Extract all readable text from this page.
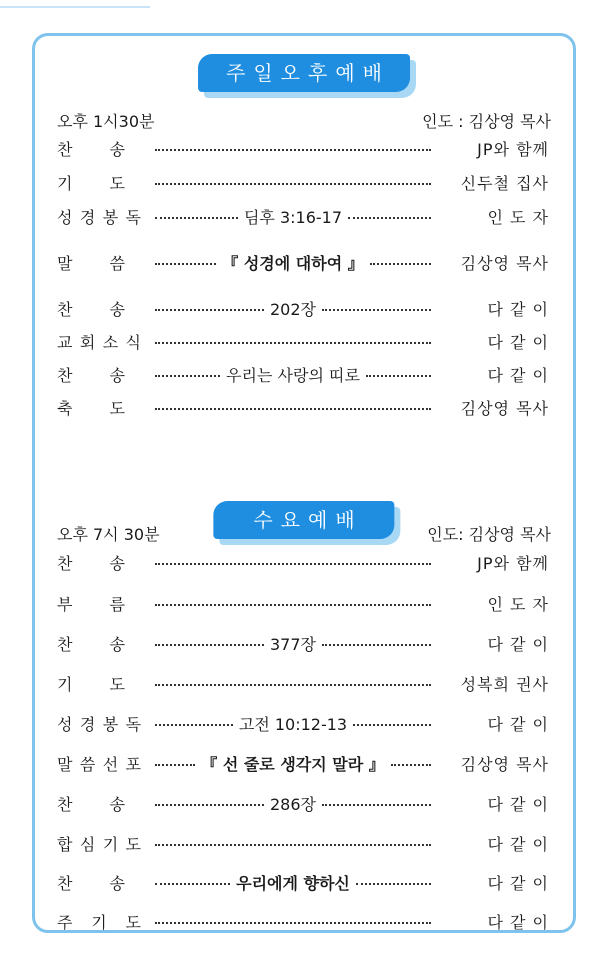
주일오후예배
오후 1시30분	인도 : 김상영 목사
찬 송	JP와 함께
기 도	신두철 집사
성 경 봉 독	딤후 3:16-17	인 도 자
말 씀	『 성경에 대하여 』	김상영 목사
찬 송	202장	다 같 이
교 회 소 식	다 같 이
찬 송	우리는 사랑의 띠로	다 같 이
축 도	김상영 목사
수요예배
오후 7시 30분	인도: 김상영 목사
찬 송	JP와 함께
부 름	인 도 자
찬 송	377장	다 같 이
기 도	성복희 권사
성 경 봉 독	고전 10:12-13	다 같 이
말 씀 선 포	『 선 줄로 생각지 말라 』	김상영 목사
찬 송	286장	다 같 이
합 심 기 도	다 같 이
찬 송	우리에게 향하신	다 같 이
주 기 도	다 같 이
